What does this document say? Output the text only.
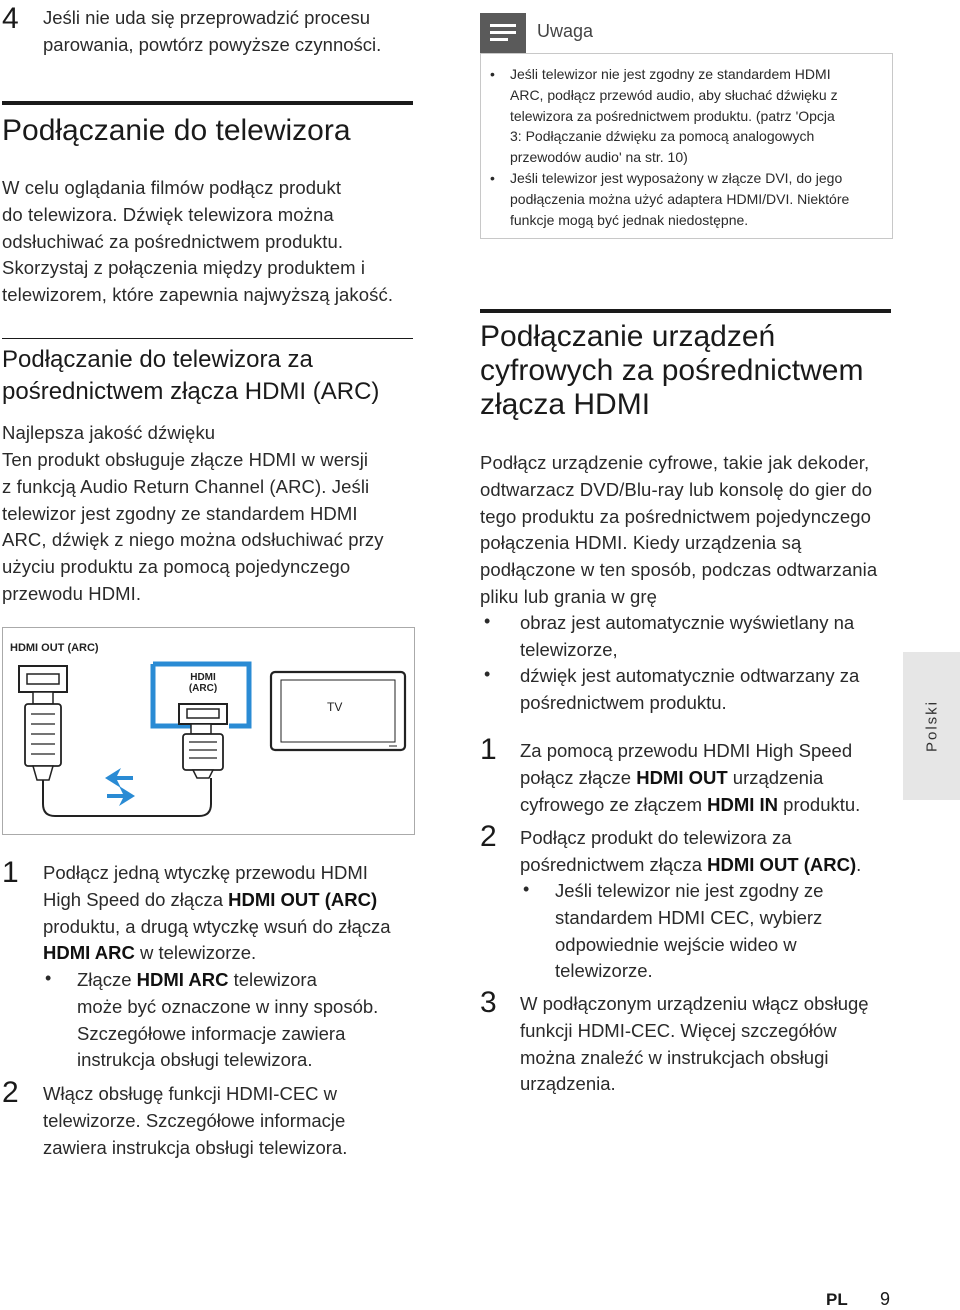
4 Jeśli nie uda się przeprowadzić procesu parowania, powtórz powyższe czynności.
Podłączanie do telewizora
W celu oglądania filmów podłącz produkt
do telewizora. Dźwięk telewizora można
odsłuchiwać za pośrednictwem produktu.
Skorzystaj z połączenia między produktem i
telewizorem, które zapewnia najwyższą jakość.
Podłączanie do telewizora za
pośrednictwem złącza HDMI (ARC)
Najlepsza jakość dźwięku
Ten produkt obsługuje złącze HDMI w wersji
z funkcją Audio Return Channel (ARC). Jeśli
telewizor jest zgodny ze standardem HDMI
ARC, dźwięk z niego można odsłuchiwać przy
użyciu produktu za pomocą pojedynczego
przewodu HDMI.
HDMI OUT (ARC)
HDMI
(ARC)
TV
1 Podłącz jedną wtyczkę przewodu HDMI
High Speed do złącza HDMI OUT (ARC)
produktu, a drugą wtyczkę wsuń do złącza
HDMI ARC w telewizorze.
• Złącze HDMI ARC telewizora
może być oznaczone w inny sposób.
Szczegółowe informacje zawiera
instrukcja obsługi telewizora.
2 Włącz obsługę funkcji HDMI-CEC w
telewizorze. Szczegółowe informacje
zawiera instrukcja obsługi telewizora.
Uwaga
• Jeśli telewizor nie jest zgodny ze standardem HDMI
ARC, podłącz przewód audio, aby słuchać dźwięku z
telewizora za pośrednictwem produktu. (patrz 'Opcja
3: Podłączanie dźwięku za pomocą analogowych
przewodów audio' na str. 10)
• Jeśli telewizor jest wyposażony w złącze DVI, do jego
podłączenia można użyć adaptera HDMI/DVI. Niektóre
funkcje mogą być jednak niedostępne.
Podłączanie urządzeń
cyfrowych za pośrednictwem
złącza HDMI
Podłącz urządzenie cyfrowe, takie jak dekoder,
odtwarzacz DVD/Blu-ray lub konsolę do gier do
tego produktu za pośrednictwem pojedynczego
połączenia HDMI. Kiedy urządzenia są
podłączone w ten sposób, podczas odtwarzania
pliku lub grania w grę
• obraz jest automatycznie wyświetlany na
telewizorze,
• dźwięk jest automatycznie odtwarzany za
pośrednictwem produktu.
1 Za pomocą przewodu HDMI High Speed
połącz złącze HDMI OUT urządzenia
cyfrowego ze złączem HDMI IN produktu.
2 Podłącz produkt do telewizora za
pośrednictwem złącza HDMI OUT (ARC).
• Jeśli telewizor nie jest zgodny ze
standardem HDMI CEC, wybierz
odpowiednie wejście wideo w
telewizorze.
3 W podłączonym urządzeniu włącz obsługę
funkcji HDMI-CEC. Więcej szczegółów
można znaleźć w instrukcjach obsługi
urządzenia.
Polski
PL 9
